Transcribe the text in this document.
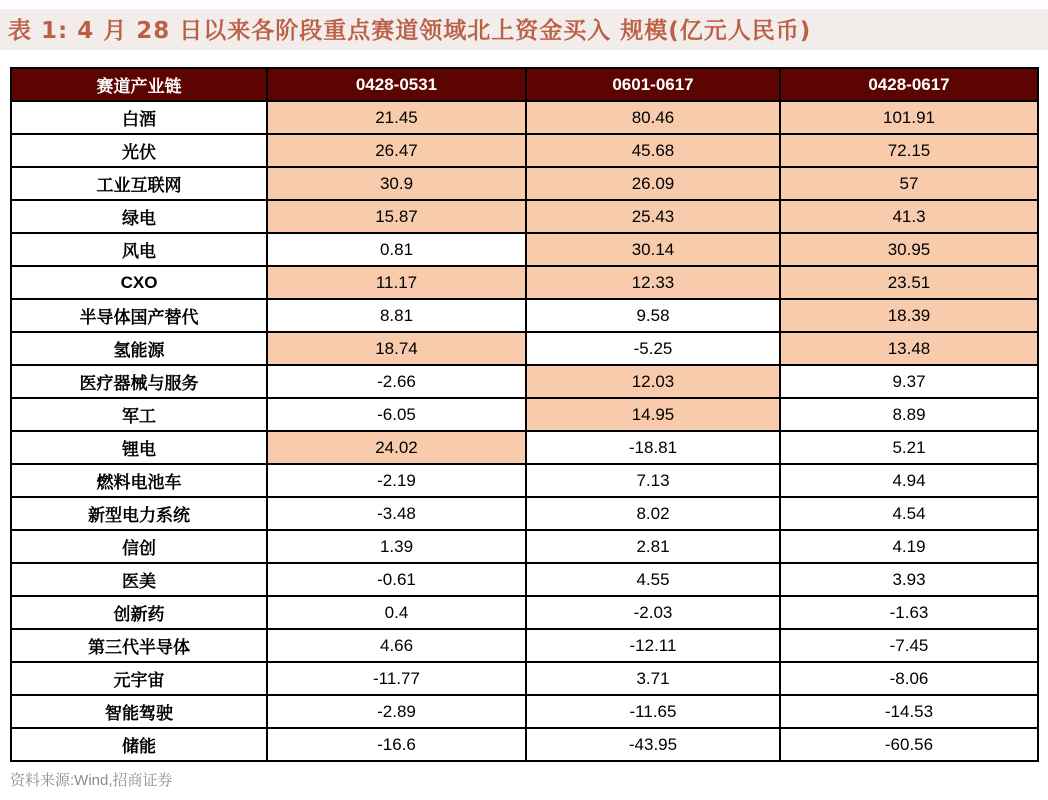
表 1: 4 月 28 日以来各阶段重点赛道领域北上资金买入 规模(亿元人民币)
赛道产业链	0428-0531	0601-0617	0428-0617
白酒	21.45	80.46	101.91
光伏	26.47	45.68	72.15
工业互联网	30.9	26.09	57
绿电	15.87	25.43	41.3
风电	0.81	30.14	30.95
CXO	11.17	12.33	23.51
半导体国产替代	8.81	9.58	18.39
氢能源	18.74	-5.25	13.48
医疗器械与服务	-2.66	12.03	9.37
军工	-6.05	14.95	8.89
锂电	24.02	-18.81	5.21
燃料电池车	-2.19	7.13	4.94
新型电力系统	-3.48	8.02	4.54
信创	1.39	2.81	4.19
医美	-0.61	4.55	3.93
创新药	0.4	-2.03	-1.63
第三代半导体	4.66	-12.11	-7.45
元宇宙	-11.77	3.71	-8.06
智能驾驶	-2.89	-11.65	-14.53
储能	-16.6	-43.95	-60.56
资料来源:Wind,招商证券
